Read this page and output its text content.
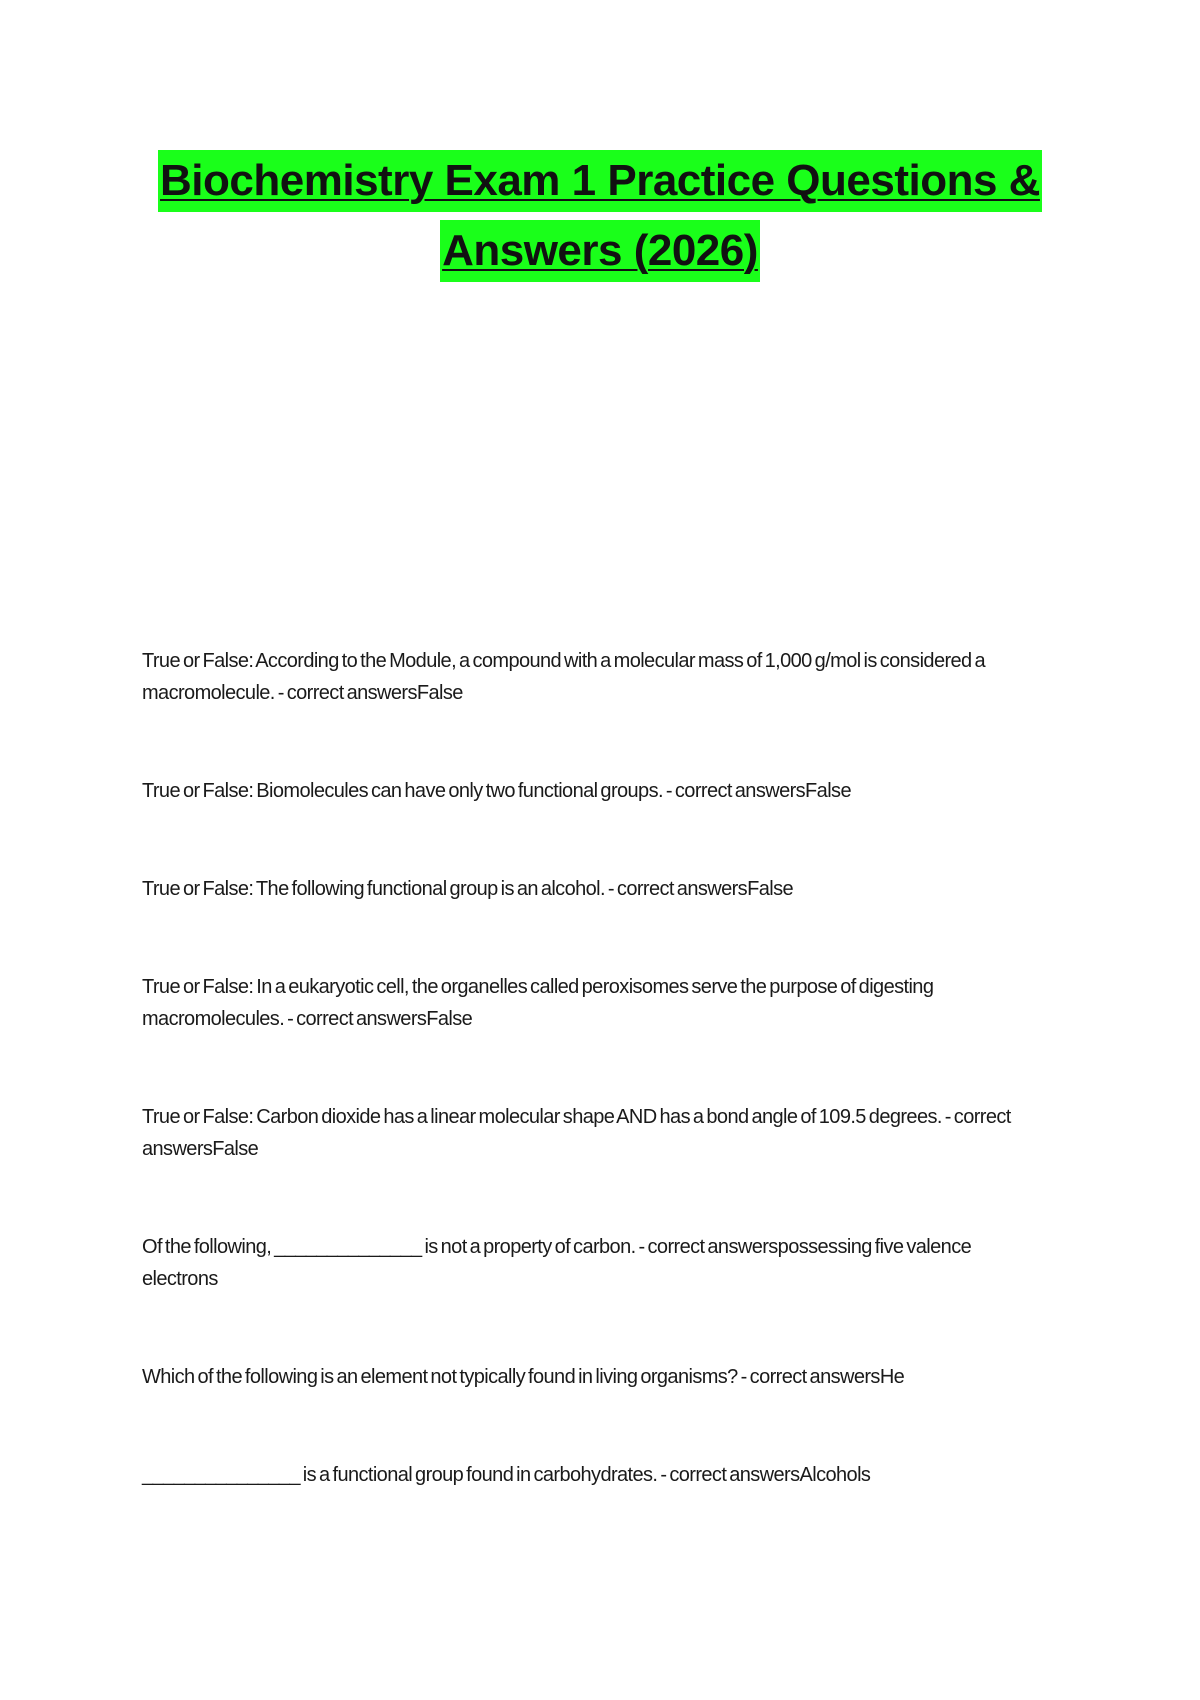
Biochemistry Exam 1 Practice Questions &
Answers (2026)
True or False: According to the Module, a compound with a molecular mass of 1,000 g/mol is considered a macromolecule. - correct answersFalse
True or False: Biomolecules can have only two functional groups. - correct answersFalse
True or False: The following functional group is an alcohol. - correct answersFalse
True or False: In a eukaryotic cell, the organelles called peroxisomes serve the purpose of digesting macromolecules. - correct answersFalse
True or False: Carbon dioxide has a linear molecular shape AND has a bond angle of 109.5 degrees. - correct answersFalse
Of the following, ______________ is not a property of carbon. - correct answerspossessing five valence electrons
Which of the following is an element not typically found in living organisms? - correct answersHe
_______________ is a functional group found in carbohydrates. - correct answersAlcohols
